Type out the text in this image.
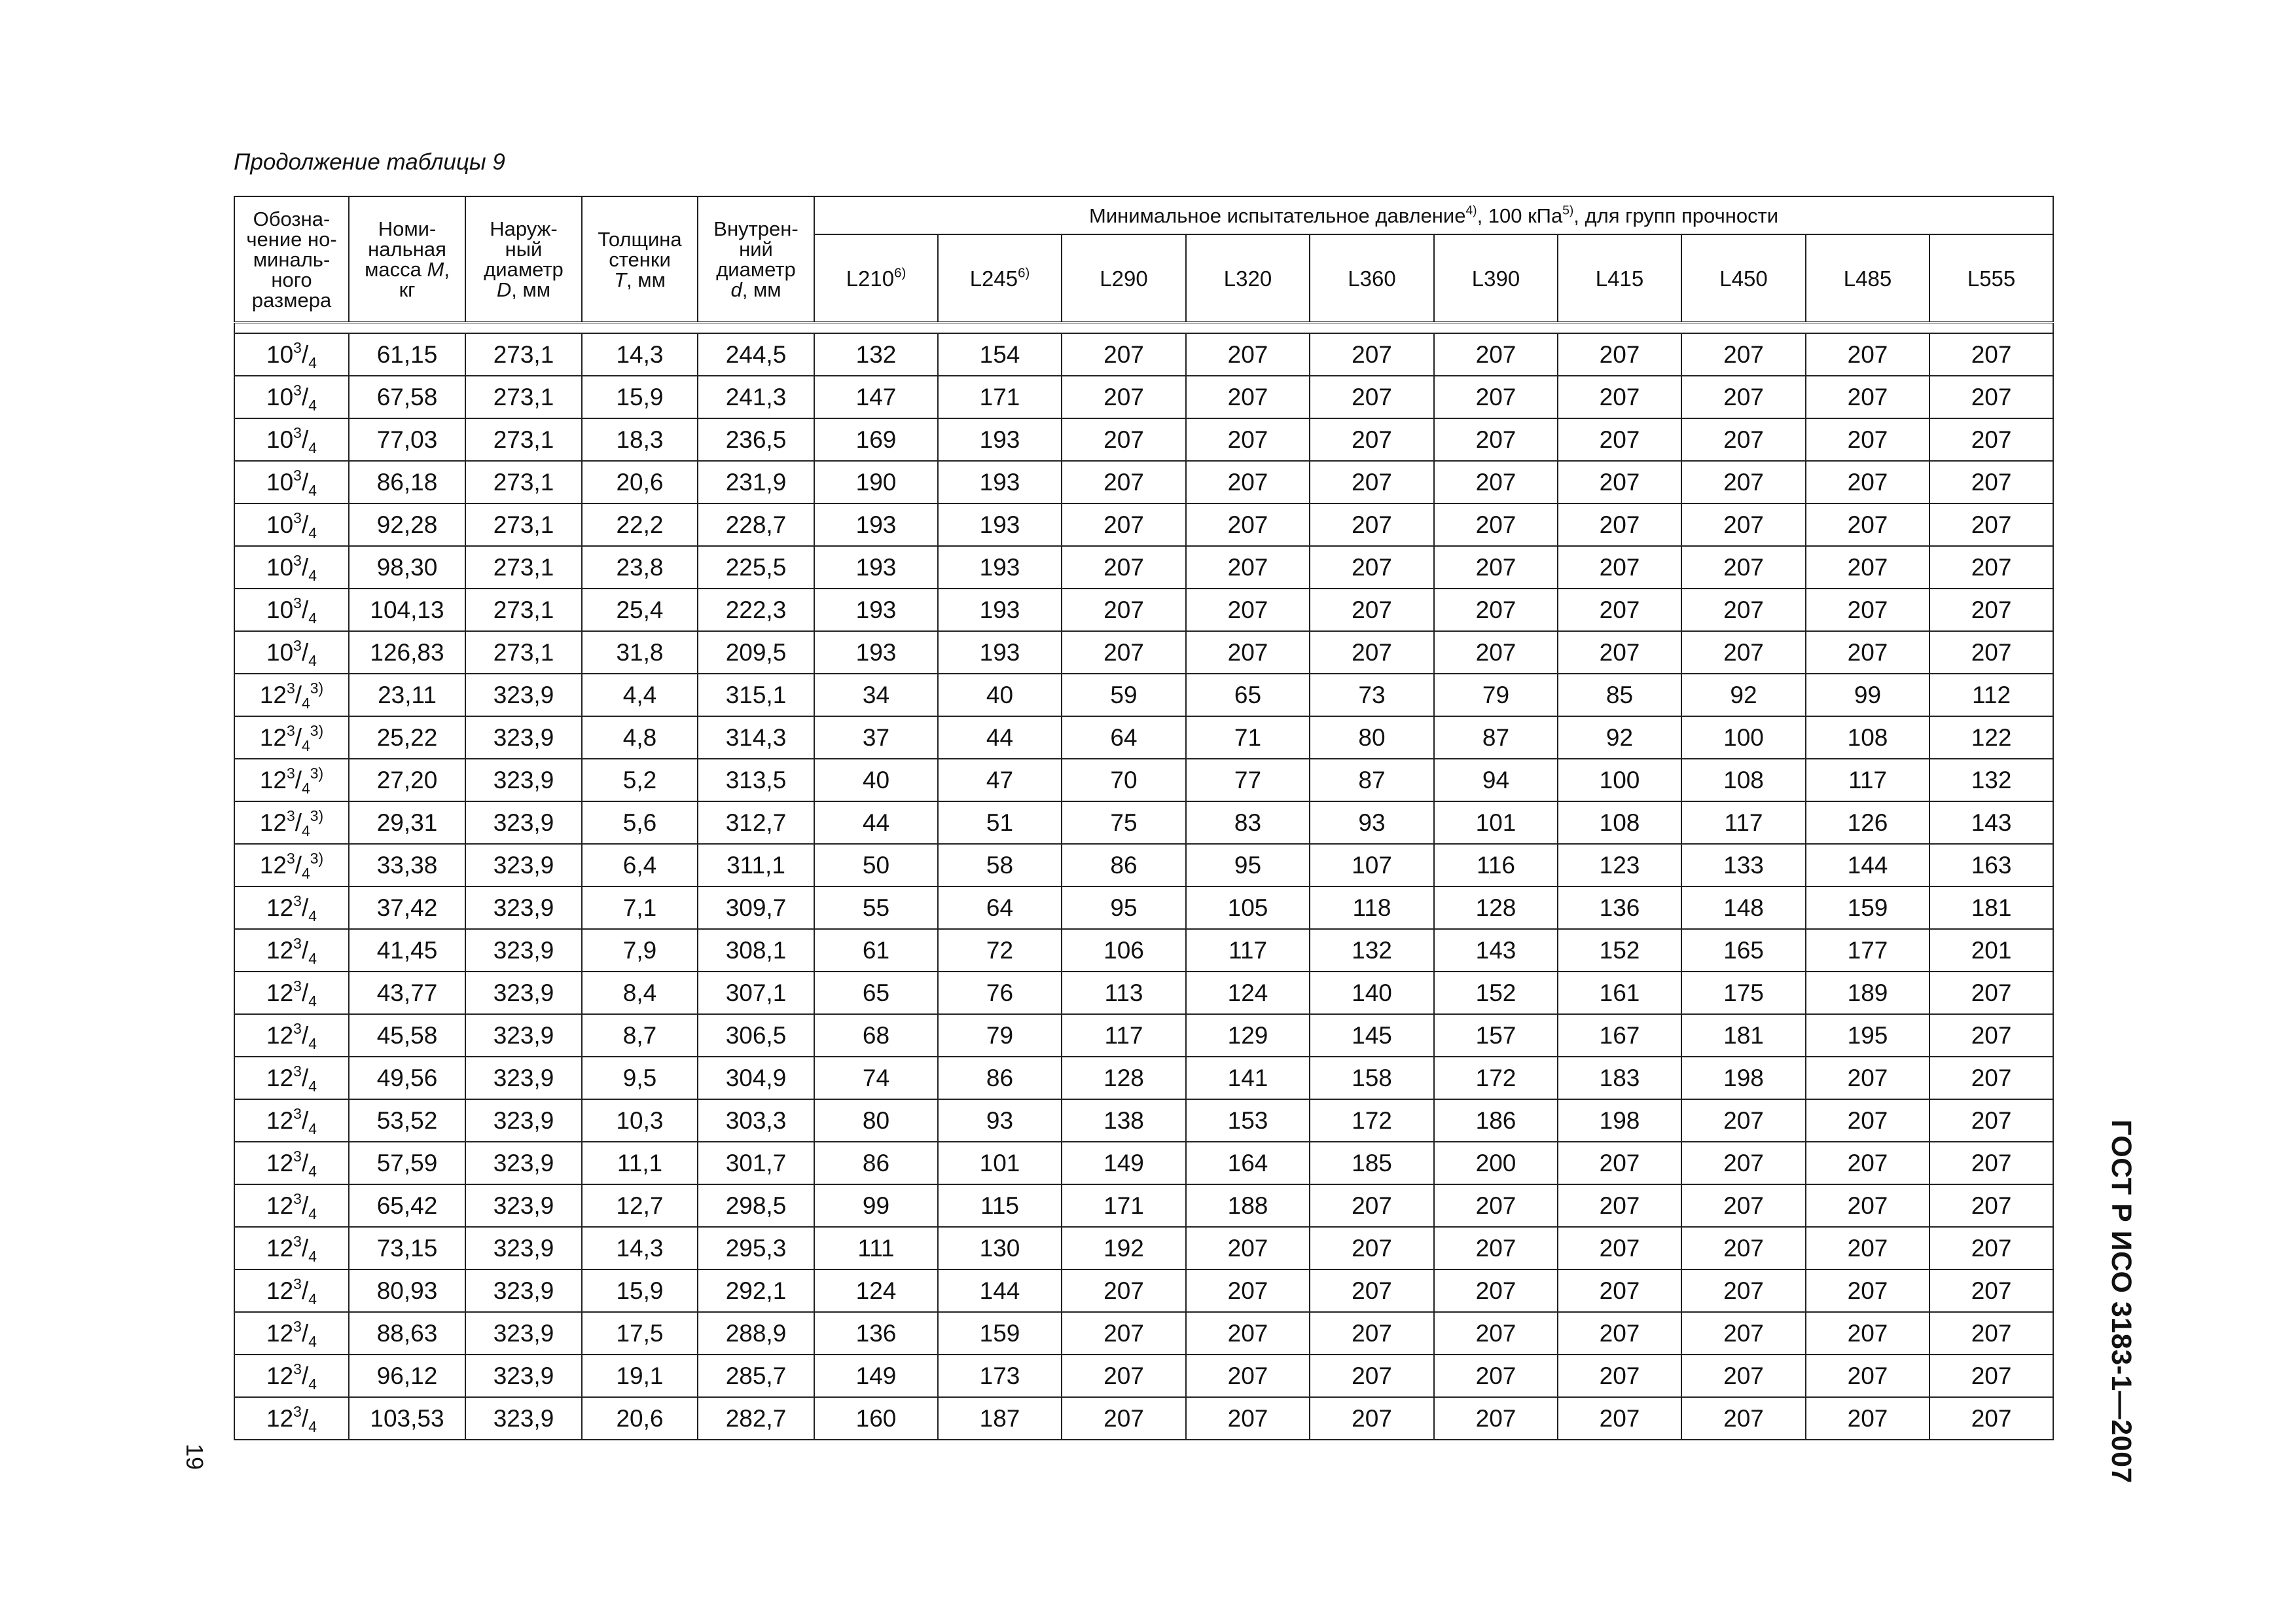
Продолжение таблицы 9
Обозна-
чение но-
миналь-
ного
размера	Номи-
нальная
масса M,
кг	Наруж-
ный
диаметр
D, мм	Толщина
стенки
T, мм	Внутрен-
ний
диаметр
d, мм	Минимальное испытательное давление$^{4)}$, 100 кПа$^{5)}$, для групп прочности									
					L210$^{6)}$	L245$^{6)}$	L290	L320	L360	L390	L415	L450	L485	L555

$10^3/_4$	61,15	273,1	14,3	244,5	132	154	207	207	207	207	207	207	207	207
$10^3/_4$	67,58	273,1	15,9	241,3	147	171	207	207	207	207	207	207	207	207
$10^3/_4$	77,03	273,1	18,3	236,5	169	193	207	207	207	207	207	207	207	207
$10^3/_4$	86,18	273,1	20,6	231,9	190	193	207	207	207	207	207	207	207	207
$10^3/_4$	92,28	273,1	22,2	228,7	193	193	207	207	207	207	207	207	207	207
$10^3/_4$	98,30	273,1	23,8	225,5	193	193	207	207	207	207	207	207	207	207
$10^3/_4$	104,13	273,1	25,4	222,3	193	193	207	207	207	207	207	207	207	207
$10^3/_4$	126,83	273,1	31,8	209,5	193	193	207	207	207	207	207	207	207	207
$12^3/_4^{3)}$	23,11	323,9	4,4	315,1	34	40	59	65	73	79	85	92	99	112
$12^3/_4^{3)}$	25,22	323,9	4,8	314,3	37	44	64	71	80	87	92	100	108	122
$12^3/_4^{3)}$	27,20	323,9	5,2	313,5	40	47	70	77	87	94	100	108	117	132
$12^3/_4^{3)}$	29,31	323,9	5,6	312,7	44	51	75	83	93	101	108	117	126	143
$12^3/_4^{3)}$	33,38	323,9	6,4	311,1	50	58	86	95	107	116	123	133	144	163
$12^3/_4$	37,42	323,9	7,1	309,7	55	64	95	105	118	128	136	148	159	181
$12^3/_4$	41,45	323,9	7,9	308,1	61	72	106	117	132	143	152	165	177	201
$12^3/_4$	43,77	323,9	8,4	307,1	65	76	113	124	140	152	161	175	189	207
$12^3/_4$	45,58	323,9	8,7	306,5	68	79	117	129	145	157	167	181	195	207
$12^3/_4$	49,56	323,9	9,5	304,9	74	86	128	141	158	172	183	198	207	207
$12^3/_4$	53,52	323,9	10,3	303,3	80	93	138	153	172	186	198	207	207	207
$12^3/_4$	57,59	323,9	11,1	301,7	86	101	149	164	185	200	207	207	207	207
$12^3/_4$	65,42	323,9	12,7	298,5	99	115	171	188	207	207	207	207	207	207
$12^3/_4$	73,15	323,9	14,3	295,3	111	130	192	207	207	207	207	207	207	207
$12^3/_4$	80,93	323,9	15,9	292,1	124	144	207	207	207	207	207	207	207	207
$12^3/_4$	88,63	323,9	17,5	288,9	136	159	207	207	207	207	207	207	207	207
$12^3/_4$	96,12	323,9	19,1	285,7	149	173	207	207	207	207	207	207	207	207
$12^3/_4$	103,53	323,9	20,6	282,7	160	187	207	207	207	207	207	207	207	207	ГОСТ Р ИСО 3183-1—2007
19
